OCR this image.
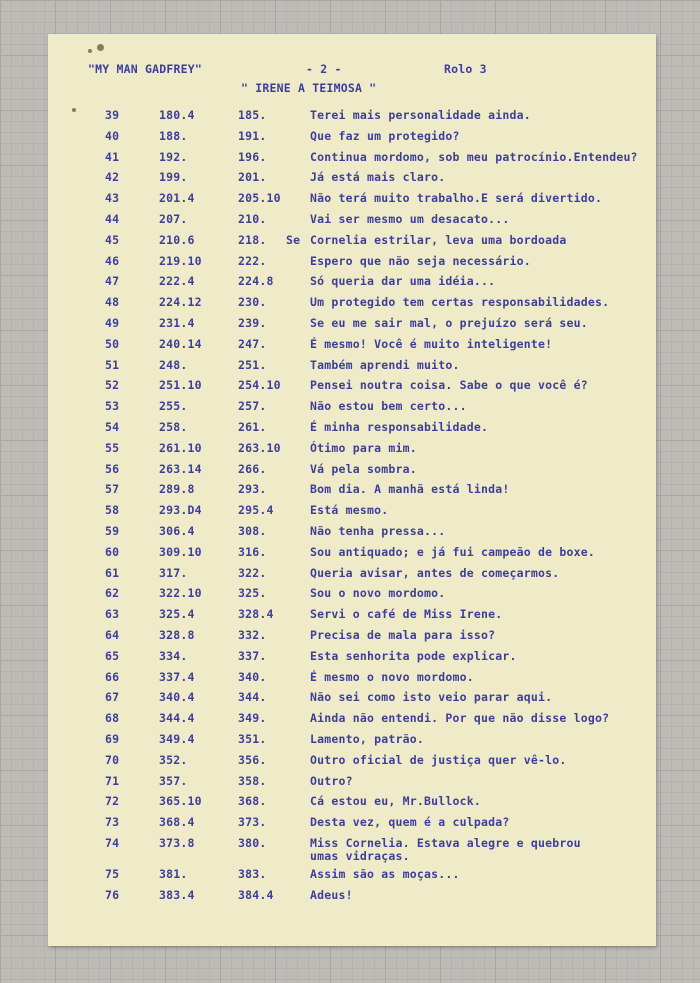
"MY MAN GADFREY"	- 2 -	Rolo 3
" IRENE A TEIMOSA "
39	180.4	185.	Terei mais personalidade ainda.
40	188.	191.	Que faz um protegido?
41	192.	196.	Continua mordomo, sob meu patrocínio.Entendeu?
42	199.	201.	Já está mais claro.
43	201.4	205.10	Não terá muito trabalho.E será divertido.
44	207.	210.	Vai ser mesmo um desacato...
45	210.6	218. Se Cornelia estrilar, leva uma bordoada
46	219.10	222.	Espero que não seja necessário.
47	222.4	224.8	Só queria dar uma idéia...
48	224.12	230.	Um protegido tem certas responsabilidades.
49	231.4	239.	Se eu me sair mal, o prejuízo será seu.
50	240.14	247.	É mesmo! Você é muito inteligente!
51	248.	251.	Também aprendi muito.
52	251.10	254.10	Pensei noutra coisa. Sabe o que você é?
53	255.	257.	Não estou bem certo...
54	258.	261.	É minha responsabilidade.
55	261.10	263.10	Ótimo para mim.
56	263.14	266.	Vá pela sombra.
57	289.8	293.	Bom dia. A manhã está linda!
58	293.D4	295.4	Está mesmo.
59	306.4	308.	Não tenha pressa...
60	309.10	316.	Sou antiquado; e já fui campeão de boxe.
61	317.	322.	Queria avisar, antes de começarmos.
62	322.10	325.	Sou o novo mordomo.
63	325.4	328.4	Servi o café de Miss Irene.
64	328.8	332.	Precisa de mala para isso?
65	334.	337.	Esta senhorita pode explicar.
66	337.4	340.	É mesmo o novo mordomo.
67	340.4	344.	Não sei como isto veio parar aqui.
68	344.4	349.	Ainda não entendi. Por que não disse logo?
69	349.4	351.	Lamento, patrão.
70	352.	356.	Outro oficial de justiça quer vê-lo.
71	357.	358.	Outro?
72	365.10	368.	Cá estou eu, Mr.Bullock.
73	368.4	373.	Desta vez, quem é a culpada?
74	373.8	380.	Miss Cornelia. Estava alegre e quebrou
umas vidraças.
75	381.	383.	Assim são as moças...
76	383.4	384.4	Adeus!
